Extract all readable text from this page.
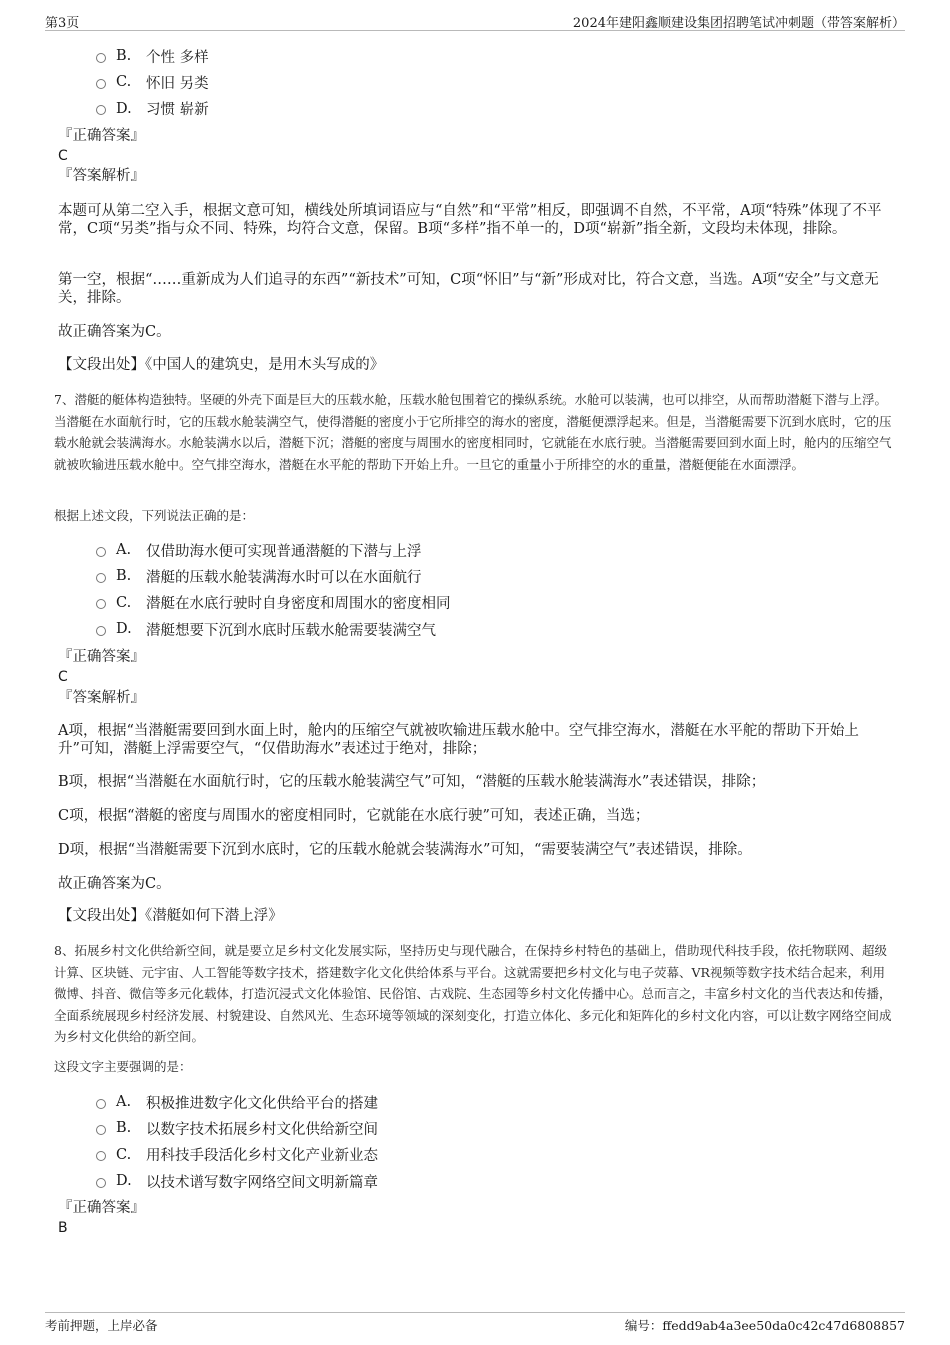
第3页	2024年建阳鑫顺建设集团招聘笔试冲刺题（带答案解析）
B.	个性 多样
C.	怀旧 另类
D. 习惯 崭新

『正确答案』

C

『答案解析』

本题可从第二空入手，根据文意可知，横线处所填词语应与“自然”和“平常”相反，即强调不自然，不平常，A项“特殊”体现了不平常，C项“另类”指与众不同、特殊，均符合文意，保留。B项“多样”指不单一的，D项“崭新”指全新，文段均未体现，排除。

第一空，根据“……重新成为人们追寻的东西”“新技术”可知，C项“怀旧”与“新”形成对比，符合文意，当选。A项“安全”与文意无关，排除。

故正确答案为C。

【文段出处】《中国人的建筑史，是用木头写成的》

7、潜艇的艇体构造独特。坚硬的外壳下面是巨大的压载水舱，压载水舱包围着它的操纵系统。水舱可以装满，也可以排空，从而帮助潜艇下潜与上浮。当潜艇在水面航行时，它的压载水舱装满空气，使得潜艇的密度小于它所排空的海水的密度，潜艇便漂浮起来。但是，当潜艇需要下沉到水底时，它的压载水舱就会装满海水。水舱装满水以后，潜艇下沉；潜艇的密度与周围水的密度相同时，它就能在水底行驶。当潜艇需要回到水面上时，舱内的压缩空气就被吹输进压载水舱中。空气排空海水，潜艇在水平舵的帮助下开始上升。一旦它的重量小于所排空的水的重量，潜艇便能在水面漂浮。

根据上述文段，下列说法正确的是：

A.	仅借助海水便可实现普通潜艇的下潜与上浮
B.	潜艇的压载水舱装满海水时可以在水面航行
C.	潜艇在水底行驶时自身密度和周围水的密度相同
D. 潜艇想要下沉到水底时压载水舱需要装满空气

『正确答案』

C

『答案解析』

A项，根据“当潜艇需要回到水面上时，舱内的压缩空气就被吹输进压载水舱中。空气排空海水，潜艇在水平舵的帮助下开始上升”可知，潜艇上浮需要空气，“仅借助海水”表述过于绝对，排除；

B项，根据“当潜艇在水面航行时，它的压载水舱装满空气”可知，“潜艇的压载水舱装满海水”表述错误，排除；

C项，根据“潜艇的密度与周围水的密度相同时，它就能在水底行驶”可知，表述正确，当选；

D项，根据“当潜艇需要下沉到水底时，它的压载水舱就会装满海水”可知，“需要装满空气”表述错误，排除。

故正确答案为C。

【文段出处】《潜艇如何下潜上浮》

8、拓展乡村文化供给新空间，就是要立足乡村文化发展实际，坚持历史与现代融合，在保持乡村特色的基础上，借助现代科技手段，依托物联网、超级计算、区块链、元宇宙、人工智能等数字技术，搭建数字化文化供给体系与平台。这就需要把乡村文化与电子荧幕、VR视频等数字技术结合起来，利用微博、抖音、微信等多元化载体，打造沉浸式文化体验馆、民俗馆、古戏院、生态园等乡村文化传播中心。总而言之，丰富乡村文化的当代表达和传播，全面系统展现乡村经济发展、村貌建设、自然风光、生态环境等领域的深刻变化，打造立体化、多元化和矩阵化的乡村文化内容，可以让数字网络空间成为乡村文化供给的新空间。

这段文字主要强调的是：

A.	积极推进数字化文化供给平台的搭建
B.	以数字技术拓展乡村文化供给新空间
C.	用科技手段活化乡村文化产业新业态
D. 以技术谱写数字网络空间文明新篇章

『正确答案』

B

考前押题，上岸必备	编号：ffedd9ab4a3ee50da0c42c47d6808857
